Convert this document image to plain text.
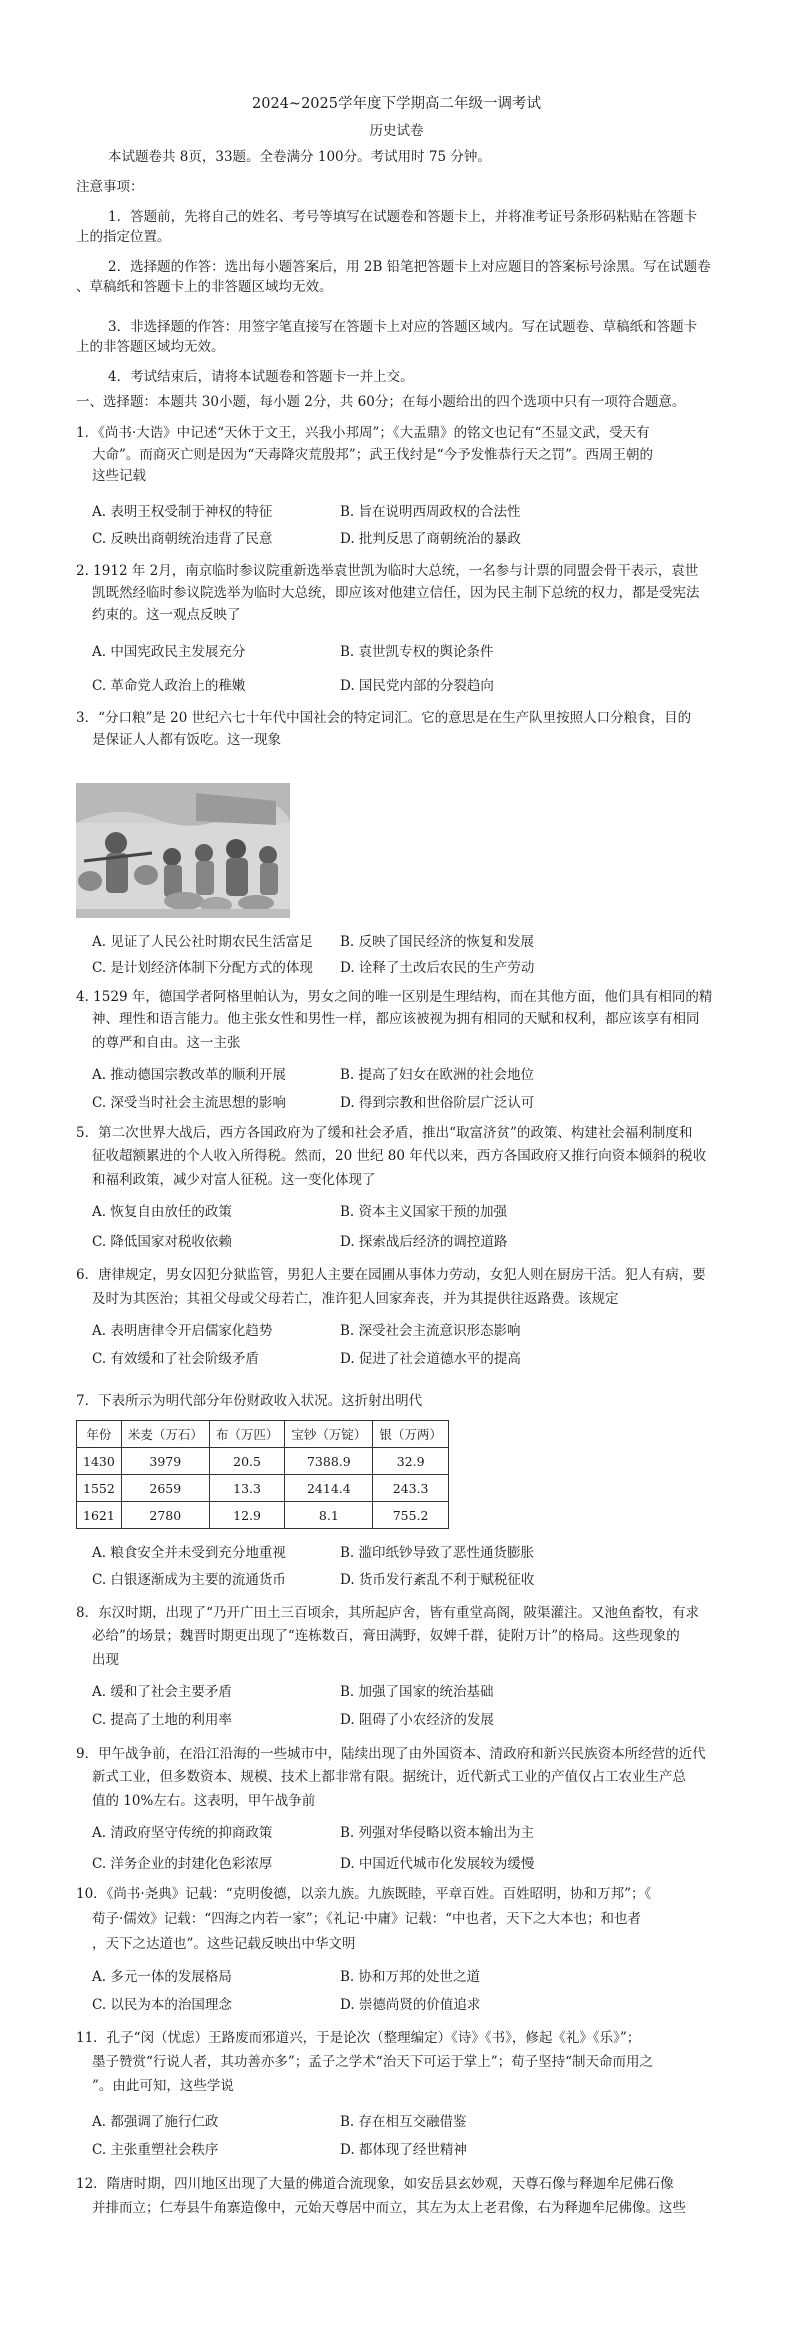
2024~2025学年度下学期高二年级一调考试
历史试卷
本试题卷共 8页，33题。全卷满分 100分。考试用时 75 分钟。
注意事项：
1．答题前，先将自己的姓名、考号等填写在试题卷和答题卡上，并将准考证号条形码粘贴在答题卡
上的指定位置。
2．选择题的作答：选出每小题答案后，用 2B 铅笔把答题卡上对应题目的答案标号涂黑。写在试题卷
、草稿纸和答题卡上的非答题区域均无效。
3．非选择题的作答：用签字笔直接写在答题卡上对应的答题区域内。写在试题卷、草稿纸和答题卡
上的非答题区域均无效。
4．考试结束后，请将本试题卷和答题卡一并上交。
一、选择题：本题共 30小题，每小题 2分，共 60分；在每小题给出的四个选项中只有一项符合题意。
1．《尚书·大诰》中记述“天休于文王，兴我小邦周”；《大盂鼎》的铭文也记有“丕显文武，受天有
大命”。而商灭亡则是因为“天毒降灾荒殷邦”；武王伐纣是“今予发惟恭行天之罚”。西周王朝的
这些记载
A. 表明王权受制于神权的特征	B. 旨在说明西周政权的合法性
C. 反映出商朝统治违背了民意	D. 批判反思了商朝统治的暴政
2. 1912 年 2月，南京临时参议院重新选举袁世凯为临时大总统，一名参与计票的同盟会骨干表示，袁世
凯既然经临时参议院选举为临时大总统，即应该对他建立信任，因为民主制下总统的权力，都是受宪法
约束的。这一观点反映了
A. 中国宪政民主发展充分	B. 袁世凯专权的舆论条件
C. 革命党人政治上的稚嫩	D. 国民党内部的分裂趋向
3．“分口粮”是 20 世纪六七十年代中国社会的特定词汇。它的意思是在生产队里按照人口分粮食，目的
是保证人人都有饭吃。这一现象
A. 见证了人民公社时期农民生活富足 B. 反映了国民经济的恢复和发展
C. 是计划经济体制下分配方式的体现 D. 诠释了土改后农民的生产劳动
4. 1529 年，德国学者阿格里帕认为，男女之间的唯一区别是生理结构，而在其他方面，他们具有相同的精
神、理性和语言能力。他主张女性和男性一样，都应该被视为拥有相同的天赋和权利，都应该享有相同
的尊严和自由。这一主张
A. 推动德国宗教改革的顺利开展	B. 提高了妇女在欧洲的社会地位
C. 深受当时社会主流思想的影响	D. 得到宗教和世俗阶层广泛认可
5．第二次世界大战后，西方各国政府为了缓和社会矛盾，推出“取富济贫”的政策、构建社会福利制度和
征收超额累进的个人收入所得税。然而，20 世纪 80 年代以来，西方各国政府又推行向资本倾斜的税收
和福利政策，减少对富人征税。这一变化体现了
A. 恢复自由放任的政策	B. 资本主义国家干预的加强
C. 降低国家对税收依赖	D. 探索战后经济的调控道路
6．唐律规定，男女囚犯分狱监管，男犯人主要在园圃从事体力劳动，女犯人则在厨房干活。犯人有病，要
及时为其医治；其祖父母或父母若亡，准许犯人回家奔丧，并为其提供往返路费。该规定
A. 表明唐律令开启儒家化趋势	B. 深受社会主流意识形态影响
C. 有效缓和了社会阶级矛盾	D. 促进了社会道德水平的提高
7．下表所示为明代部分年份财政收入状况。这折射出明代
年份	米麦（万石）	布（万匹）	宝钞（万锭）	银（万两）
1430	3979	20.5	7388.9	32.9
1552	2659	13.3	2414.4	243.3
1621	2780	12.9	8.1	755.2
A. 粮食安全并未受到充分地重视	B. 滥印纸钞导致了恶性通货膨胀
C. 白银逐渐成为主要的流通货币	D. 货币发行紊乱不利于赋税征收
8．东汉时期，出现了“乃开广田土三百顷余，其所起庐舍，皆有重堂高阁，陂渠灌注。又池鱼畜牧，有求
必给”的场景；魏晋时期更出现了“连栋数百，膏田满野，奴婢千群，徒附万计”的格局。这些现象的
出现
A. 缓和了社会主要矛盾	B. 加强了国家的统治基础
C. 提高了土地的利用率	D. 阻碍了小农经济的发展
9．甲午战争前，在沿江沿海的一些城市中，陆续出现了由外国资本、清政府和新兴民族资本所经营的近代
新式工业，但多数资本、规模、技术上都非常有限。据统计，近代新式工业的产值仅占工农业生产总
值的 10%左右。这表明，甲午战争前
A. 清政府坚守传统的抑商政策	B. 列强对华侵略以资本输出为主
C. 洋务企业的封建化色彩浓厚	D. 中国近代城市化发展较为缓慢
10．《尚书·尧典》记载：“克明俊德，以亲九族。九族既睦，平章百姓。百姓昭明，协和万邦”；《
荀子·儒效》记载：“四海之内若一家”；《礼记·中庸》记载：“中也者，天下之大本也；和也者
，天下之达道也”。这些记载反映出中华文明
A. 多元一体的发展格局	B. 协和万邦的处世之道
C. 以民为本的治国理念	D. 崇德尚贤的价值追求
11．孔子“闵（忧虑）王路废而邪道兴，于是论次（整理编定）《诗》《书》，修起《礼》《乐》”；
墨子赞赏“行说人者，其功善亦多”；孟子之学术“治天下可运于掌上”；荀子坚持“制天命而用之
”。由此可知，这些学说
A. 都强调了施行仁政	B. 存在相互交融借鉴
C. 主张重塑社会秩序	D. 都体现了经世精神
12．隋唐时期，四川地区出现了大量的佛道合流现象，如安岳县玄妙观，天尊石像与释迦牟尼佛石像
并排而立；仁寿县牛角寨造像中，元始天尊居中而立，其左为太上老君像，右为释迦牟尼佛像。这些
